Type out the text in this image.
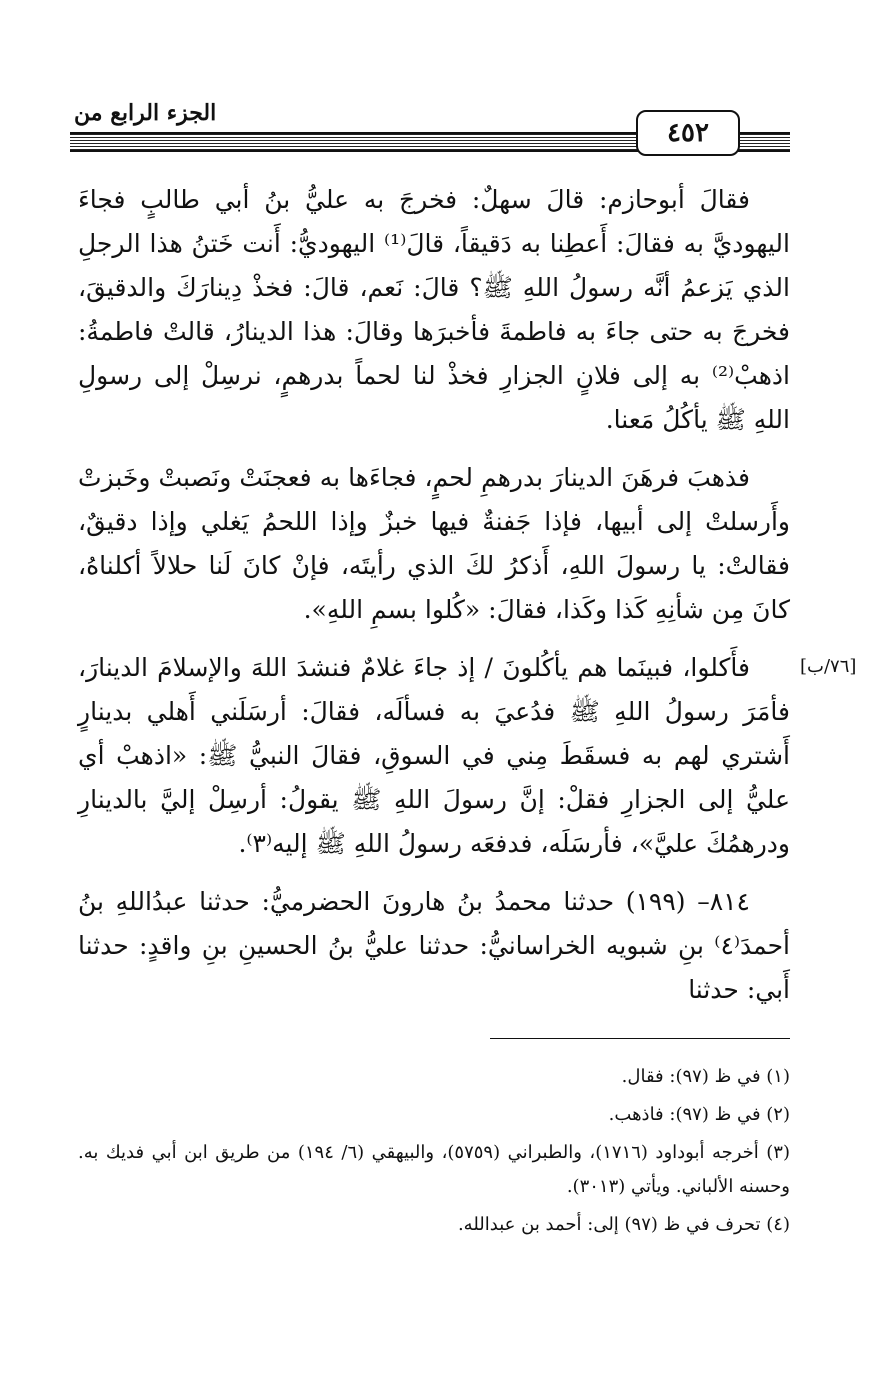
الجزء الرابع من
٤٥٢

فقالَ أبوحازم: قالَ سهلٌ: فخرجَ به عليُّ بنُ أبي طالبٍ فجاءَ اليهوديَّ به فقالَ: أَعطِنا به دَقيقاً، قالَ⁽¹⁾ اليهوديُّ: أَنت خَتنُ هذا الرجلِ الذي يَزعمُ أنَّه رسولُ اللهِ ﷺ؟ قالَ: نَعم، قالَ: فخذْ دِينارَكَ والدقيقَ، فخرجَ به حتى جاءَ به فاطمةَ فأخبرَها وقالَ: هذا الدينارُ، قالتْ فاطمةُ: اذهبْ⁽²⁾ به إلى فلانٍ الجزارِ فخذْ لنا لحماً بدرهمٍ، نرسِلْ إلى رسولِ اللهِ ﷺ يأكُلُ مَعنا.

فذهبَ فرهَنَ الدينارَ بدرهمِ لحمٍ، فجاءَها به فعجنَتْ ونَصبتْ وخَبزتْ وأَرسلتْ إلى أبيها، فإذا جَفنةٌ فيها خبزٌ وإذا اللحمُ يَغلي وإذا دقيقٌ، فقالتْ: يا رسولَ اللهِ، أَذكرُ لكَ الذي رأيتَه، فإنْ كانَ لَنا حلالاً أكلناهُ، كانَ مِن شأنِهِ كَذا وكَذا، فقالَ: «كُلوا بسمِ اللهِ».

فأَكلوا، فبينَما هم يأكُلونَ / إذ جاءَ غلامٌ فنشدَ اللهَ والإسلامَ الدينارَ، فأمَرَ رسولُ اللهِ ﷺ فدُعيَ به فسألَه، فقالَ: أرسَلَني أَهلي بدينارٍ أَشتري لهم به فسقَطَ مِني في السوقِ، فقالَ النبيُّ ﷺ: «اذهبْ أي عليُّ إلى الجزارِ فقلْ: إنَّ رسولَ اللهِ ﷺ يقولُ: أرسِلْ إليَّ بالدينارِ ودرهمُكَ عليَّ»، فأرسَلَه، فدفعَه رسولُ اللهِ ﷺ إليه⁽٣⁾.

٨١٤– (١٩٩) حدثنا محمدُ بنُ هارونَ الحضرميُّ: حدثنا عبدُاللهِ بنُ أحمدَ⁽٤⁾ بنِ شبويه الخراسانيُّ: حدثنا عليُّ بنُ الحسينِ بنِ واقدٍ: حدثنا أَبي: حدثنا

[٧٦/ب]

(١) في ظ (٩٧): فقال.

(٢) في ظ (٩٧): فاذهب.

(٣) أخرجه أبوداود (١٧١٦)، والطبراني (٥٧٥٩)، والبيهقي (٦/ ١٩٤) من طريق ابن أبي فديك به. وحسنه الألباني. ويأتي (٣٠١٣).

(٤) تحرف في ظ (٩٧) إلى: أحمد بن عبدالله.
